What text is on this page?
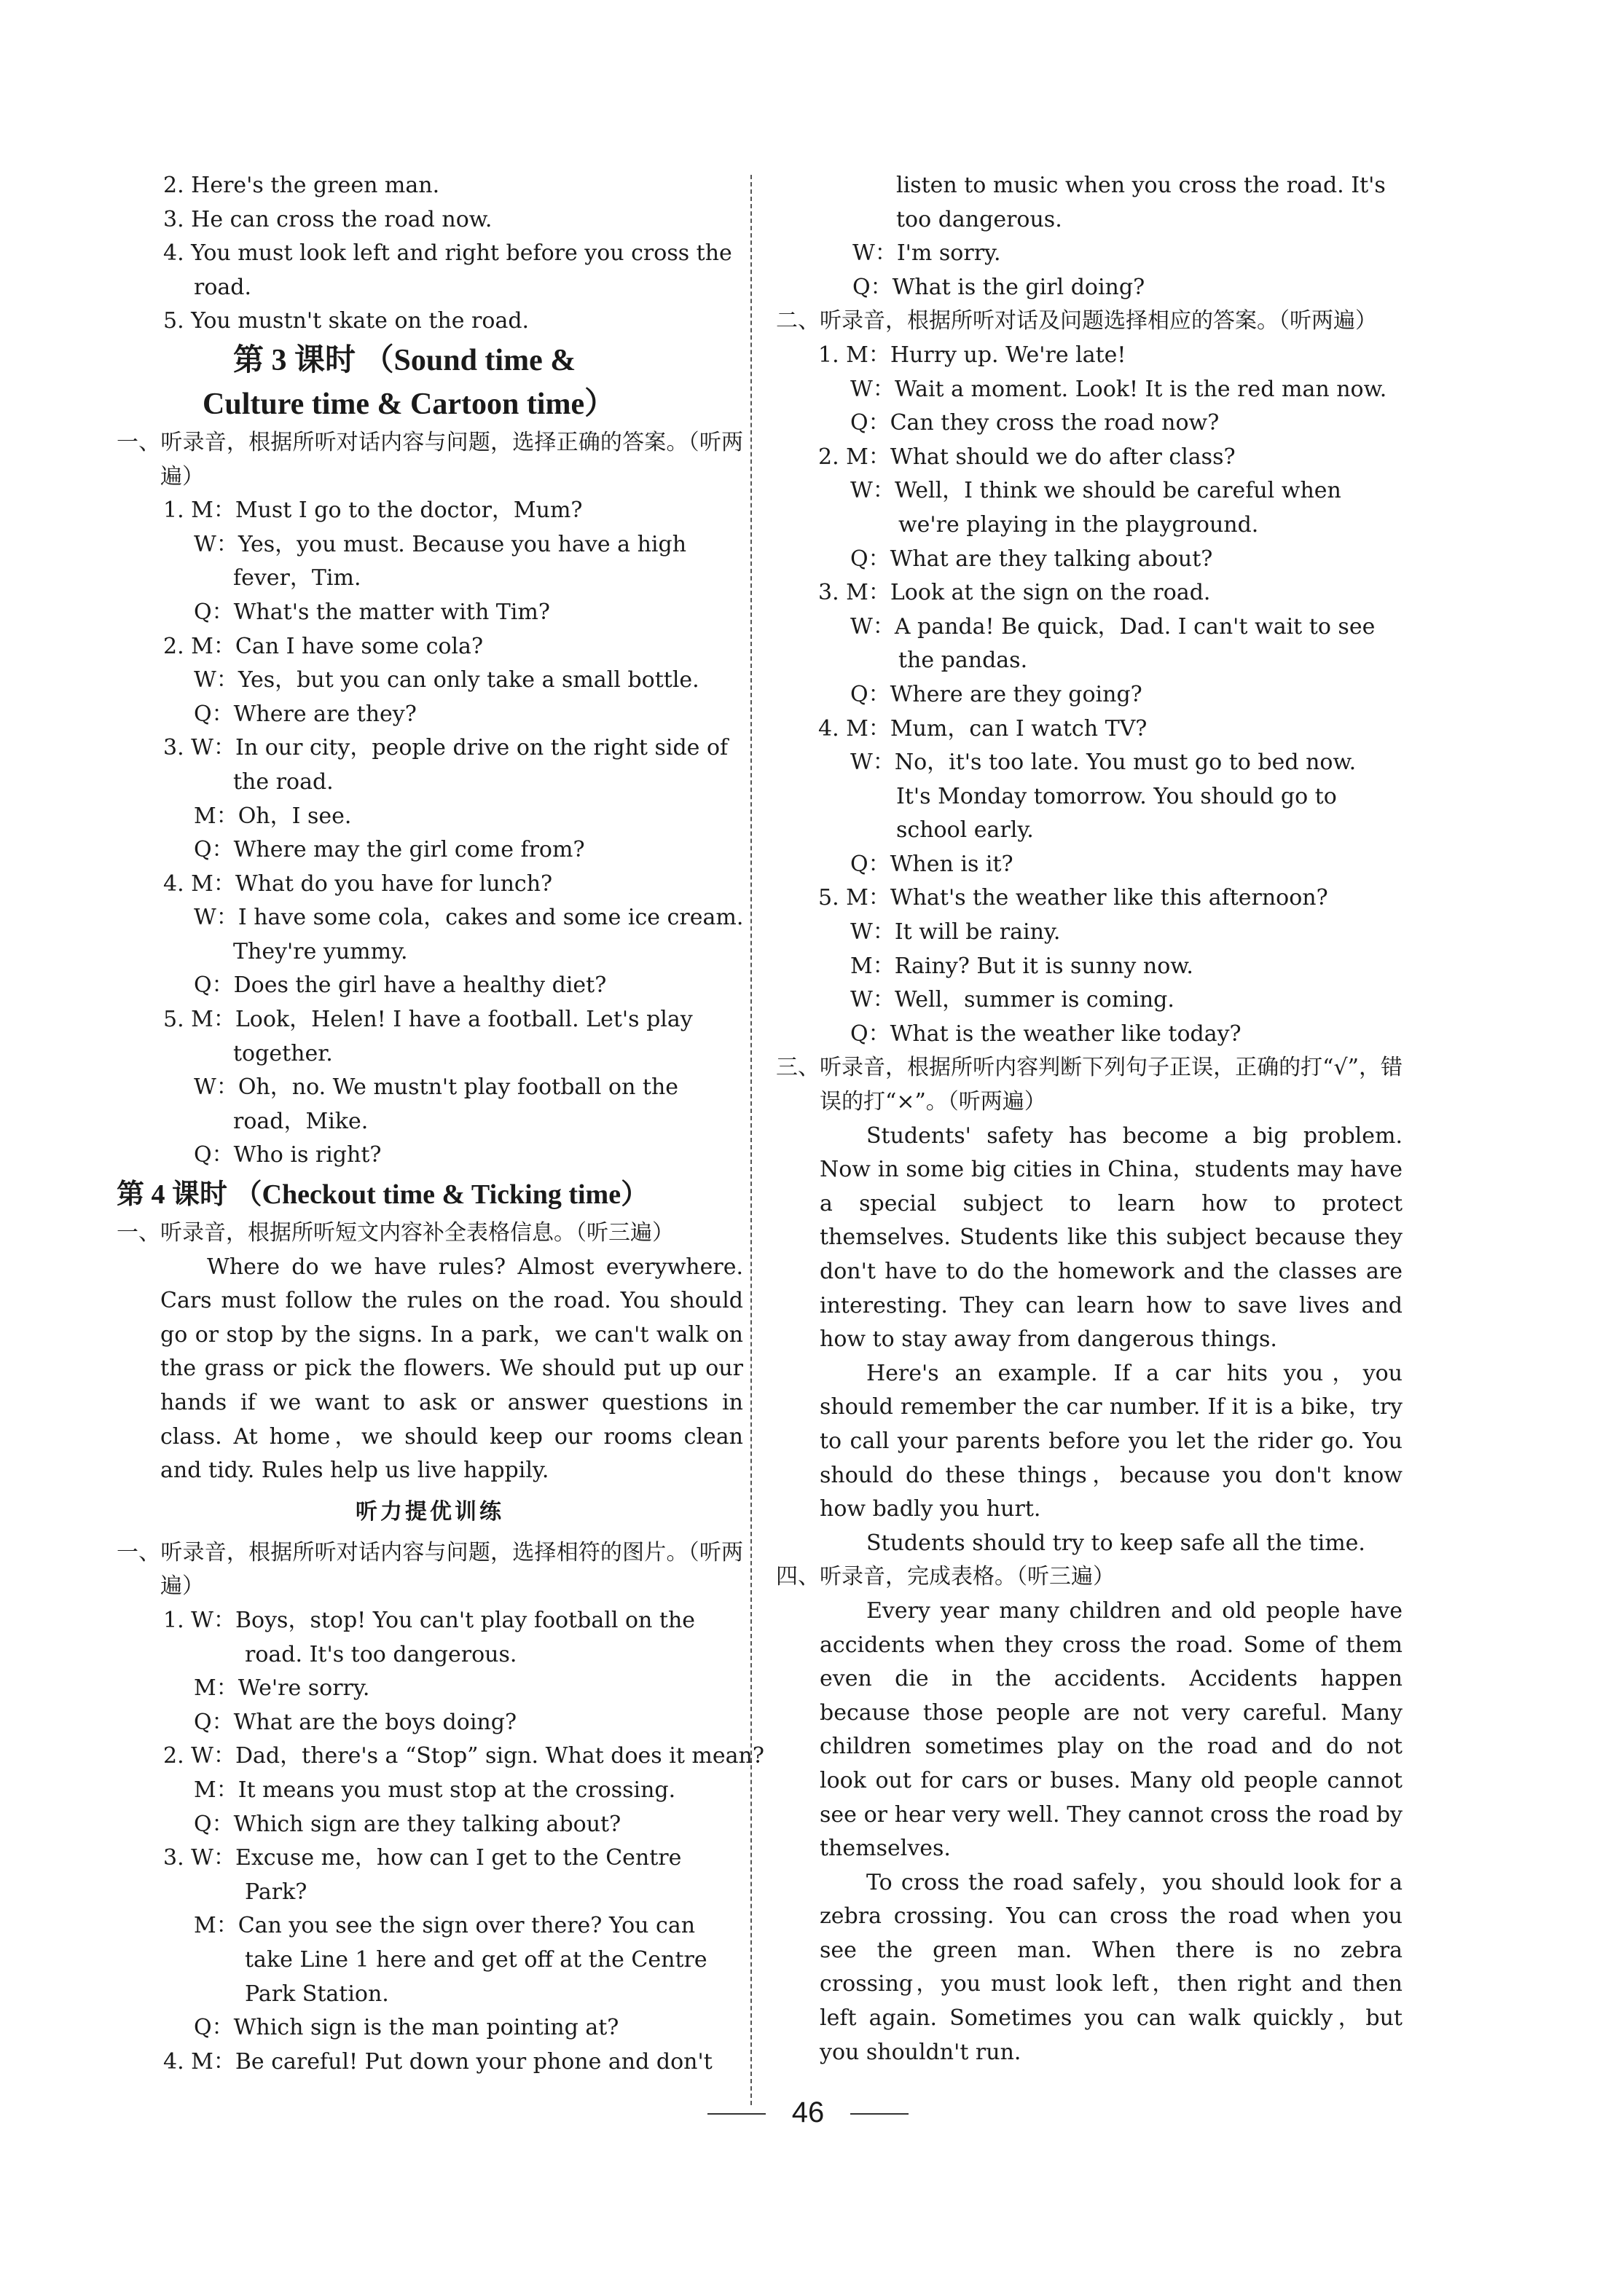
2. Here's the green man.

3. He can cross the road now.

4. You must look left and right before you cross the

road.

5. You mustn't skate on the road.

第 3 课时 （Sound time &

Culture time & Cartoon time）

一、听录音，根据所听对话内容与问题，选择正确的答案。（听两遍）

1. M：Must I go to the doctor，Mum?

W：Yes，you must. Because you have a high

fever，Tim.

Q：What's the matter with Tim?

2. M：Can I have some cola?

W：Yes，but you can only take a small bottle.

Q：Where are they?

3. W：In our city，people drive on the right side of

the road.

M：Oh，I see.

Q：Where may the girl come from?

4. M：What do you have for lunch?

W：I have some cola，cakes and some ice cream.

They're yummy.

Q：Does the girl have a healthy diet?

5. M：Look，Helen! I have a football. Let's play

together.

W：Oh，no. We mustn't play football on the

road，Mike.

Q：Who is right?

第 4 课时 （Checkout time & Ticking time）

一、听录音，根据所听短文内容补全表格信息。（听三遍）

Where do we have rules? Almost everywhere. Cars must follow the rules on the road. You should go or stop by the signs. In a park，we can't walk on the grass or pick the flowers. We should put up our hands if we want to ask or answer questions in class. At home，we should keep our rooms clean and tidy. Rules help us live happily.

听力提优训练

一、听录音，根据所听对话内容与问题，选择相符的图片。（听两遍）

1. W：Boys，stop! You can't play football on the

road. It's too dangerous.

M：We're sorry.

Q：What are the boys doing?

2. W：Dad，there's a “Stop” sign. What does it mean?

M：It means you must stop at the crossing.

Q：Which sign are they talking about?

3. W：Excuse me，how can I get to the Centre

Park?

M：Can you see the sign over there? You can

take Line 1 here and get off at the Centre

Park Station.

Q：Which sign is the man pointing at?

4. M：Be careful! Put down your phone and don't

listen to music when you cross the road. It's

too dangerous.

W：I'm sorry.

Q：What is the girl doing?

二、听录音，根据所听对话及问题选择相应的答案。（听两遍）

1. M：Hurry up. We're late!

W：Wait a moment. Look! It is the red man now.

Q：Can they cross the road now?

2. M：What should we do after class?

W：Well，I think we should be careful when

we're playing in the playground.

Q：What are they talking about?

3. M：Look at the sign on the road.

W：A panda! Be quick，Dad. I can't wait to see

the pandas.

Q：Where are they going?

4. M：Mum，can I watch TV?

W：No，it's too late. You must go to bed now.

It's Monday tomorrow. You should go to

school early.

Q：When is it?

5. M：What's the weather like this afternoon?

W：It will be rainy.

M：Rainy? But it is sunny now.

W：Well，summer is coming.

Q：What is the weather like today?

三、听录音，根据所听内容判断下列句子正误，正确的打“√”，错误的打“×”。（听两遍）

Students' safety has become a big problem. Now in some big cities in China，students may have a special subject to learn how to protect themselves. Students like this subject because they don't have to do the homework and the classes are interesting. They can learn how to save lives and how to stay away from dangerous things.

Here's an example. If a car hits you，you should remember the car number. If it is a bike，try to call your parents before you let the rider go. You should do these things，because you don't know how badly you hurt.

Students should try to keep safe all the time.

四、听录音，完成表格。（听三遍）

Every year many children and old people have accidents when they cross the road. Some of them even die in the accidents. Accidents happen because those people are not very careful. Many children sometimes play on the road and do not look out for cars or buses. Many old people cannot see or hear very well. They cannot cross the road by themselves.

To cross the road safely，you should look for a zebra crossing. You can cross the road when you see the green man. When there is no zebra crossing，you must look left，then right and then left again. Sometimes you can walk quickly，but you shouldn't run.

46
